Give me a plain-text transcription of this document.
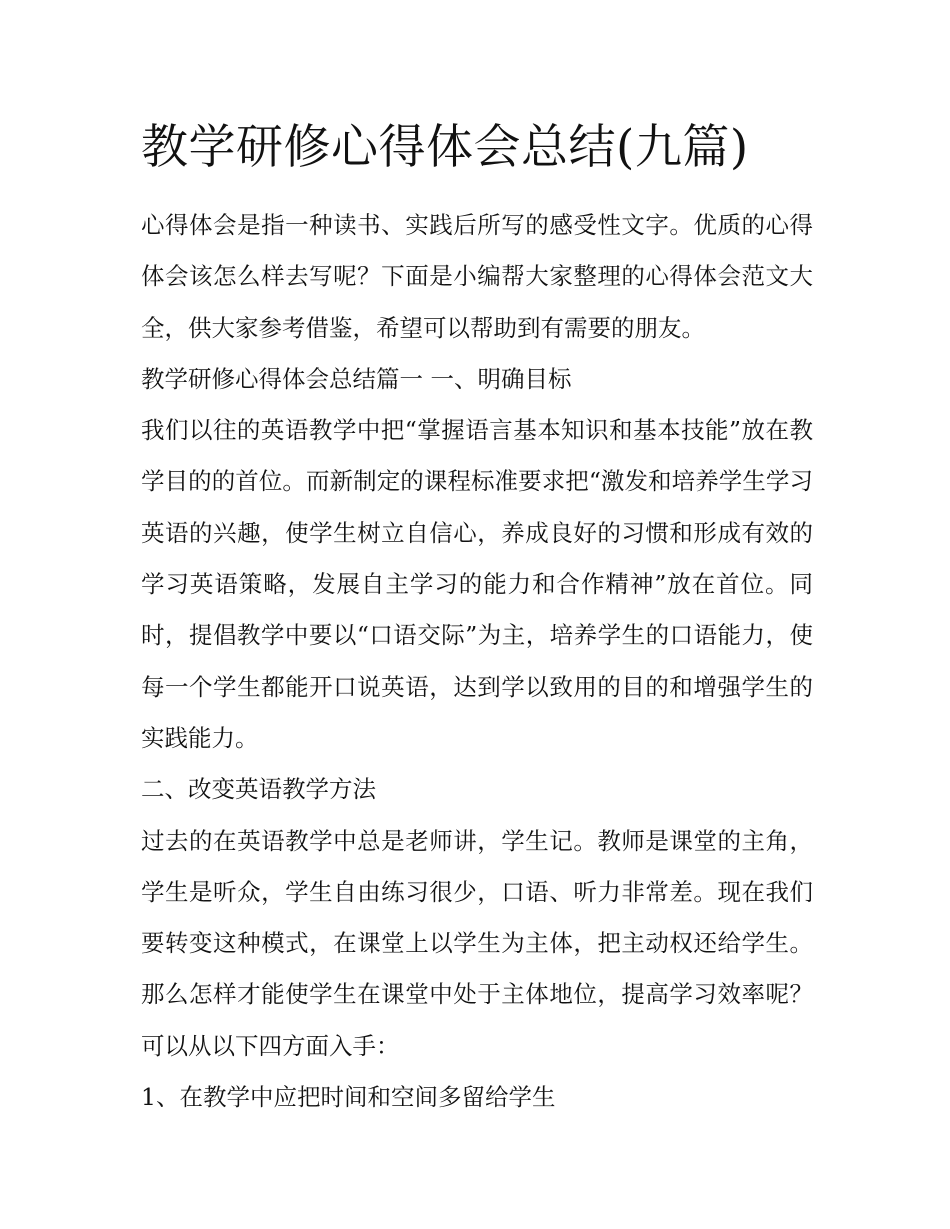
教学研修心得体会总结(九篇)

心得体会是指一种读书、实践后所写的感受性文字。优质的心得体会该怎么样去写呢？下面是小编帮大家整理的心得体会范文大全，供大家参考借鉴，希望可以帮助到有需要的朋友。

教学研修心得体会总结篇一 一、明确目标

我们以往的英语教学中把“掌握语言基本知识和基本技能”放在教学目的的首位。而新制定的课程标准要求把“激发和培养学生学习英语的兴趣，使学生树立自信心，养成良好的习惯和形成有效的学习英语策略，发展自主学习的能力和合作精神”放在首位。同时，提倡教学中要以“口语交际”为主，培养学生的口语能力，使每一个学生都能开口说英语，达到学以致用的目的和增强学生的实践能力。

二、改变英语教学方法

过去的在英语教学中总是老师讲，学生记。教师是课堂的主角，学生是听众，学生自由练习很少，口语、听力非常差。现在我们要转变这种模式，在课堂上以学生为主体，把主动权还给学生。那么怎样才能使学生在课堂中处于主体地位，提高学习效率呢？可以从以下四方面入手：

1、在教学中应把时间和空间多留给学生
